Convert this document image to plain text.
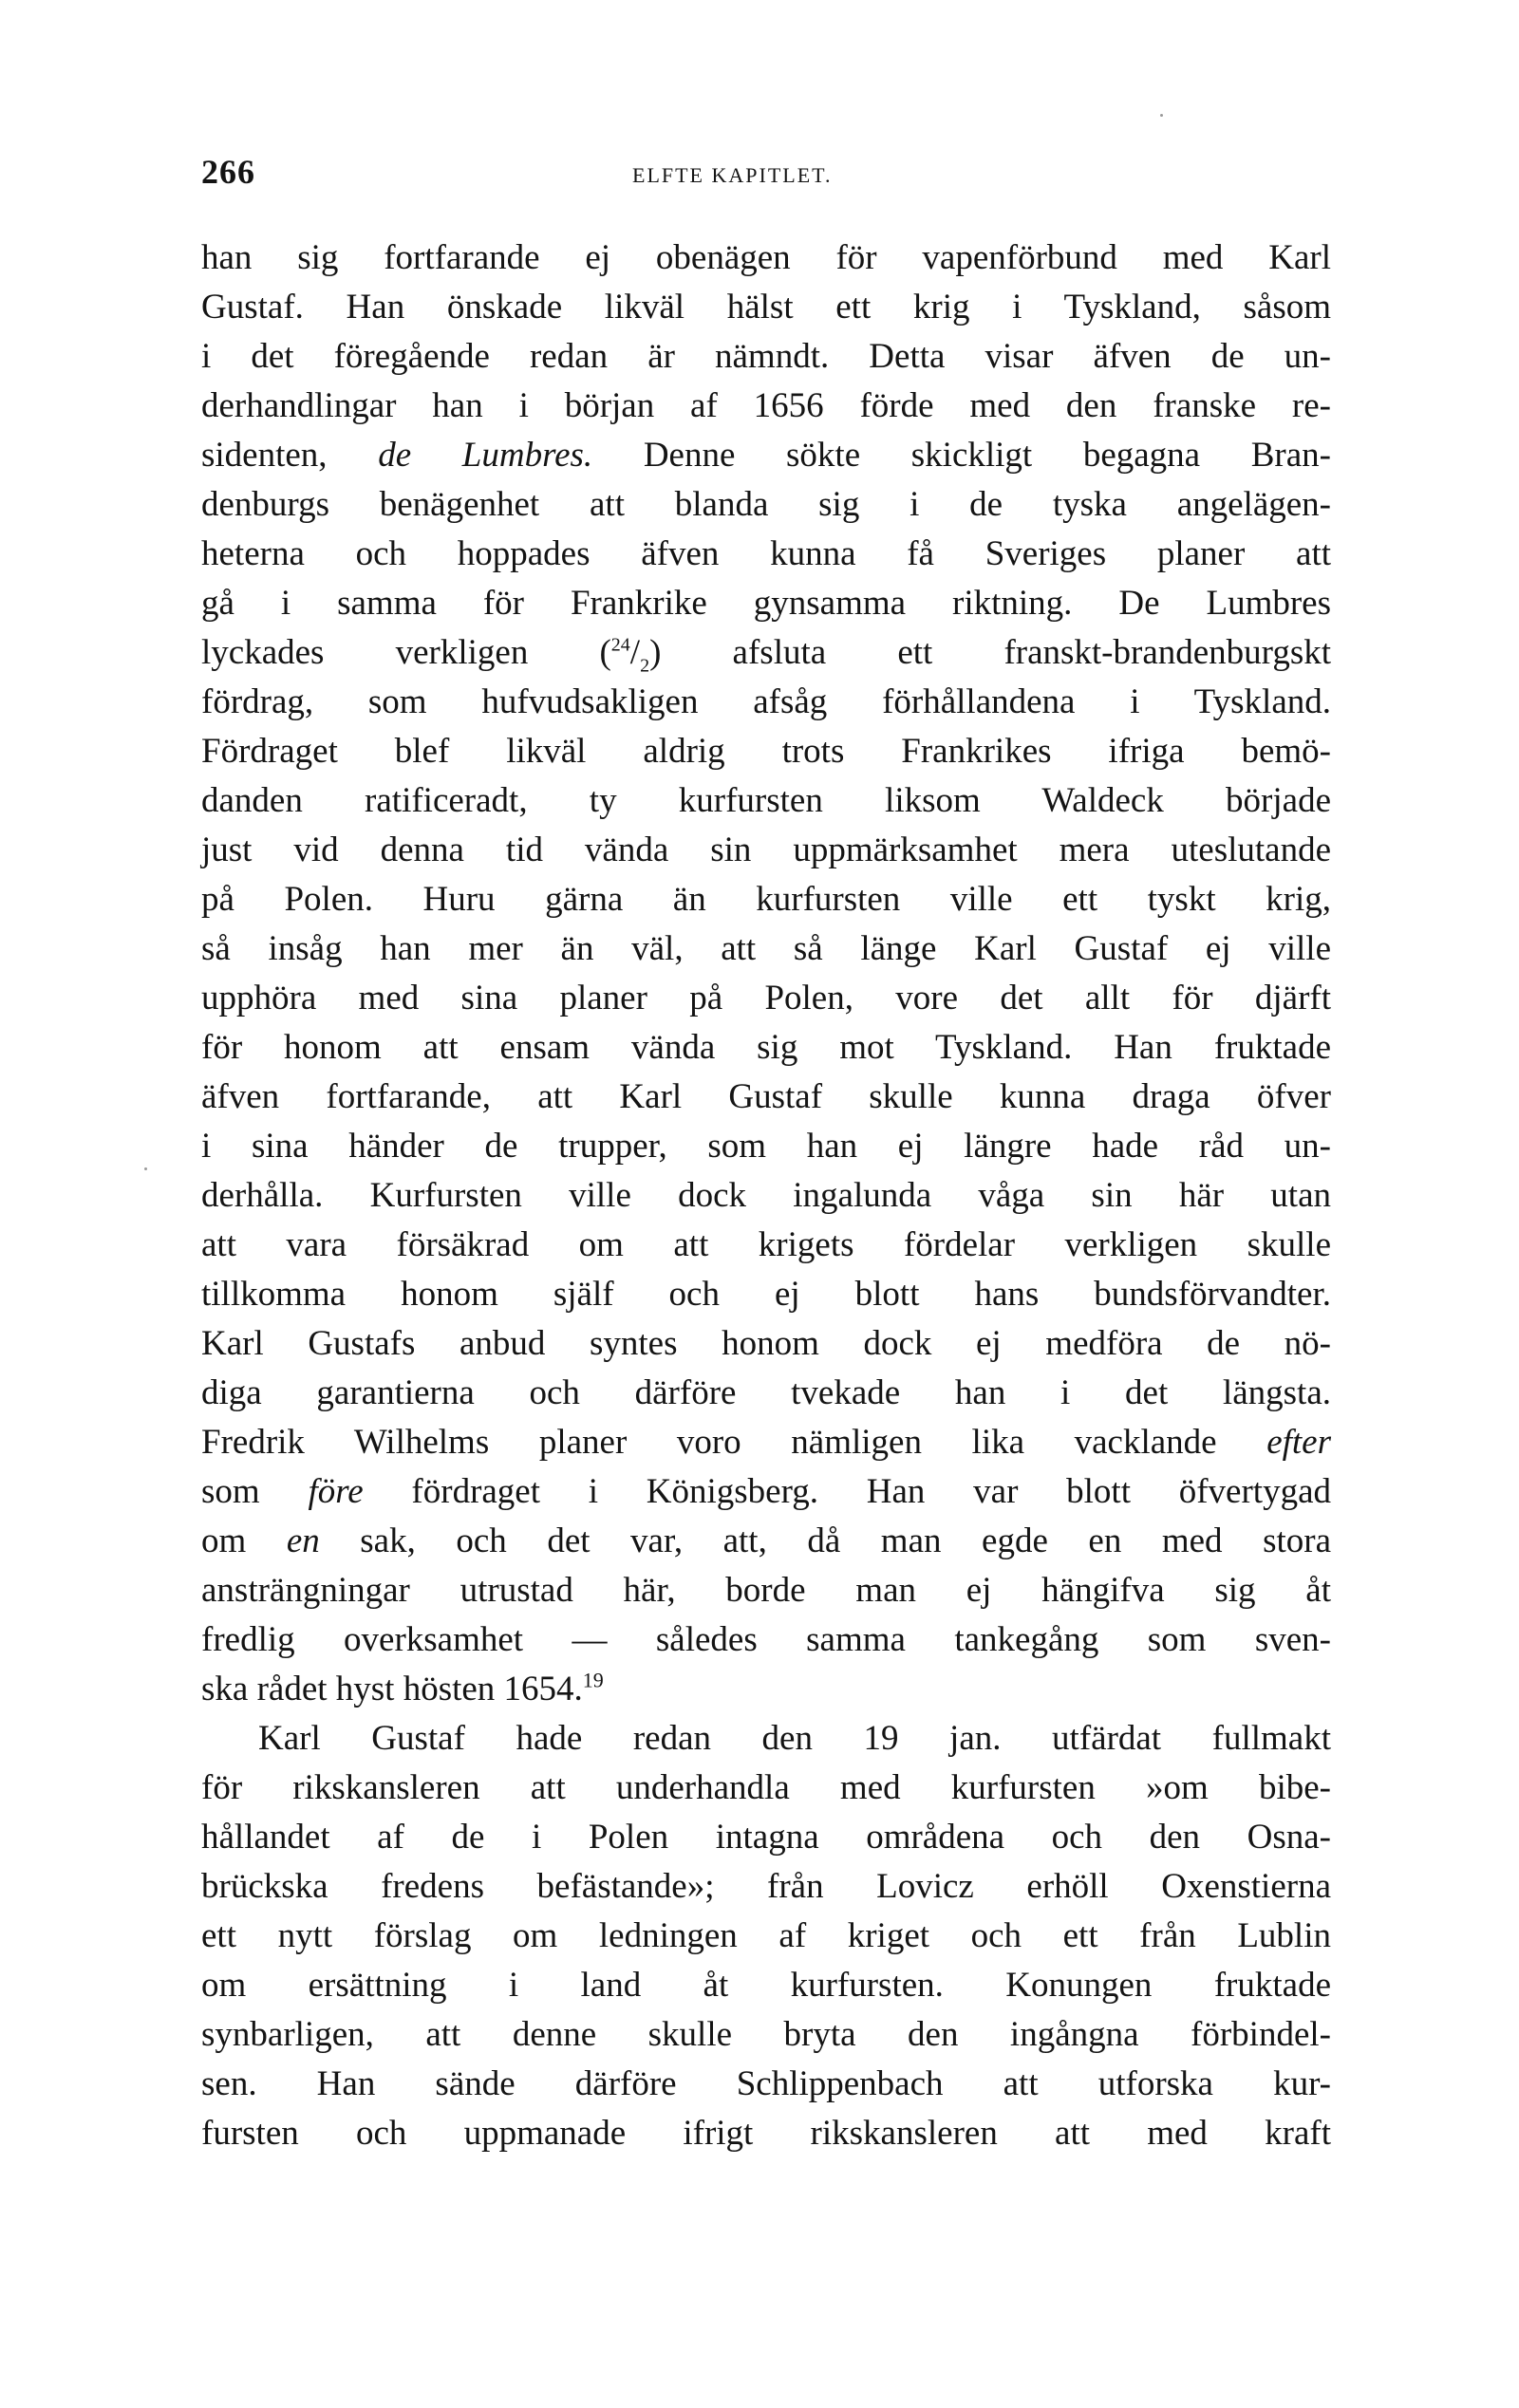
266	ELFTE KAPITLET.
han sig fortfarande ej obenägen för vapenförbund med Karl
Gustaf. Han önskade likväl hälst ett krig i Tyskland, såsom
i det föregående redan är nämndt. Detta visar äfven de un-
derhandlingar han i början af 1656 förde med den franske re-
sidenten, de Lumbres. Denne sökte skickligt begagna Bran-
denburgs benägenhet att blanda sig i de tyska angelägen-
heterna och hoppades äfven kunna få Sveriges planer att
gå i samma för Frankrike gynsamma riktning. De Lumbres
lyckades verkligen $(^{24}/_2)$ afsluta ett franskt-brandenburgskt
fördrag, som hufvudsakligen afsåg förhållandena i Tyskland.
Fördraget blef likväl aldrig trots Frankrikes ifriga bemö-
danden ratificeradt, ty kurfursten liksom Waldeck började
just vid denna tid vända sin uppmärksamhet mera uteslutande
på Polen. Huru gärna än kurfursten ville ett tyskt krig,
så insåg han mer än väl, att så länge Karl Gustaf ej ville
upphöra med sina planer på Polen, vore det allt för djärft
för honom att ensam vända sig mot Tyskland. Han fruktade
äfven fortfarande, att Karl Gustaf skulle kunna draga öfver
i sina händer de trupper, som han ej längre hade råd un-
derhålla. Kurfursten ville dock ingalunda våga sin här utan
att vara försäkrad om att krigets fördelar verkligen skulle
tillkomma honom själf och ej blott hans bundsförvandter.
Karl Gustafs anbud syntes honom dock ej medföra de nö-
diga garantierna och därföre tvekade han i det längsta.
Fredrik Wilhelms planer voro nämligen lika vacklande efter
som före fördraget i Königsberg. Han var blott öfvertygad
om en sak, och det var, att, då man egde en med stora
ansträngningar utrustad här, borde man ej hängifva sig åt
fredlig overksamhet — således samma tankegång som sven-
ska rådet hyst hösten 1654.19
Karl Gustaf hade redan den 19 jan. utfärdat fullmakt
för rikskansleren att underhandla med kurfursten »om bibe-
hållandet af de i Polen intagna områdena och den Osna-
brückska fredens befästande»; från Lovicz erhöll Oxenstierna
ett nytt förslag om ledningen af kriget och ett från Lublin
om ersättning i land åt kurfursten. Konungen fruktade
synbarligen, att denne skulle bryta den ingångna förbindel-
sen. Han sände därföre Schlippenbach att utforska kur-
fursten och uppmanade ifrigt rikskansleren att med kraft
